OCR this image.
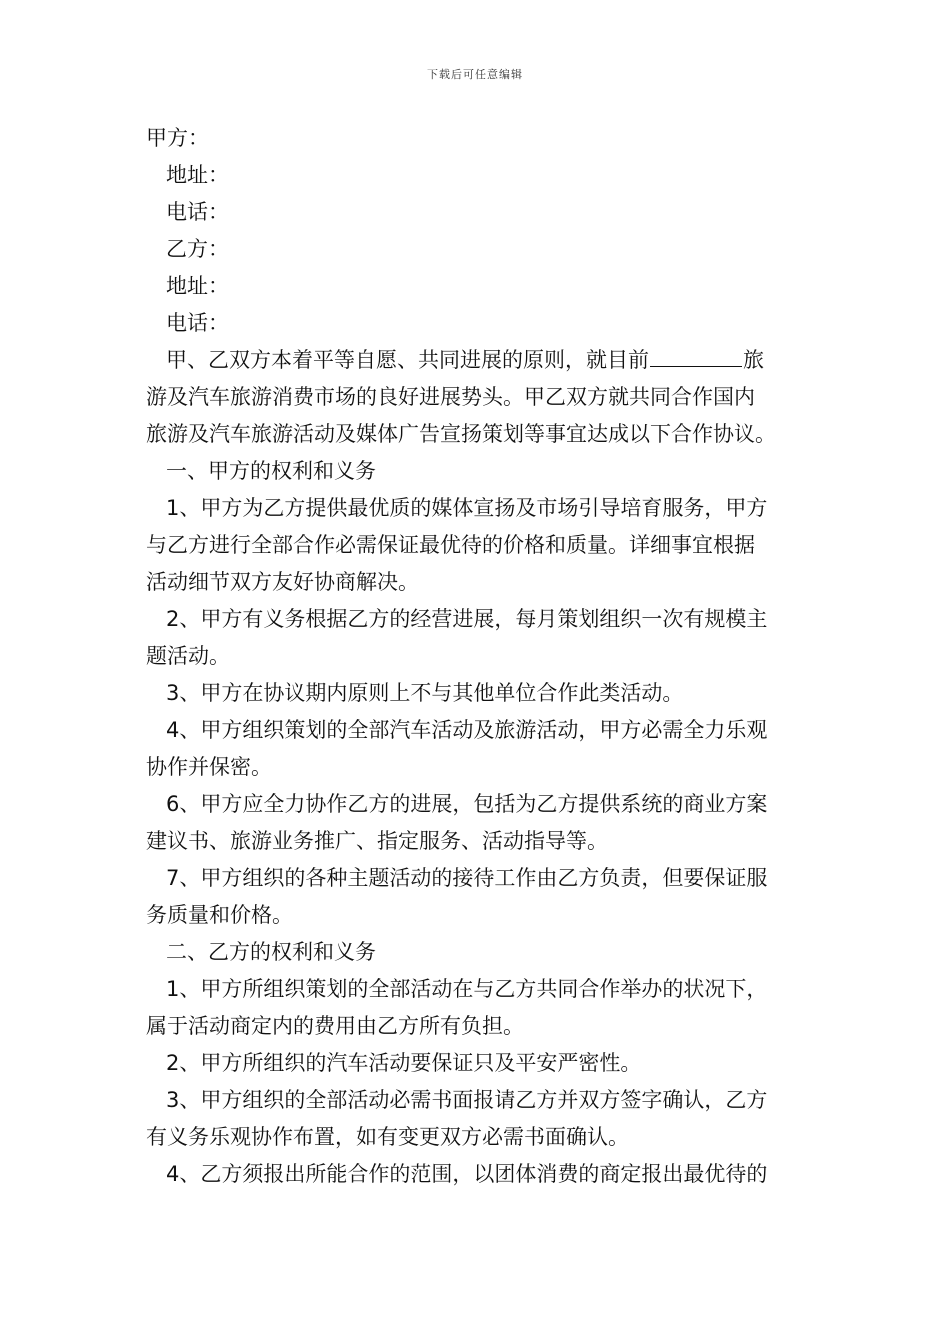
下载后可任意编辑
甲方：
地址：
电话：
乙方：
地址：
电话：
甲、乙双方本着平等自愿、共同进展的原则，就目前	旅
游及汽车旅游消费市场的良好进展势头。甲乙双方就共同合作国内
旅游及汽车旅游活动及媒体广告宣扬策划等事宜达成以下合作协议。
一、甲方的权利和义务
1、甲方为乙方提供最优质的媒体宣扬及市场引导培育服务，甲方
与乙方进行全部合作必需保证最优待的价格和质量。详细事宜根据
活动细节双方友好协商解决。
2、甲方有义务根据乙方的经营进展，每月策划组织一次有规模主
题活动。
3、甲方在协议期内原则上不与其他单位合作此类活动。
4、甲方组织策划的全部汽车活动及旅游活动，甲方必需全力乐观
协作并保密。
6、甲方应全力协作乙方的进展，包括为乙方提供系统的商业方案
建议书、旅游业务推广、指定服务、活动指导等。
7、甲方组织的各种主题活动的接待工作由乙方负责，但要保证服
务质量和价格。
二、乙方的权利和义务
1、甲方所组织策划的全部活动在与乙方共同合作举办的状况下，
属于活动商定内的费用由乙方所有负担。
2、甲方所组织的汽车活动要保证只及平安严密性。
3、甲方组织的全部活动必需书面报请乙方并双方签字确认，乙方
有义务乐观协作布置，如有变更双方必需书面确认。
4、乙方须报出所能合作的范围，以团体消费的商定报出最优待的
